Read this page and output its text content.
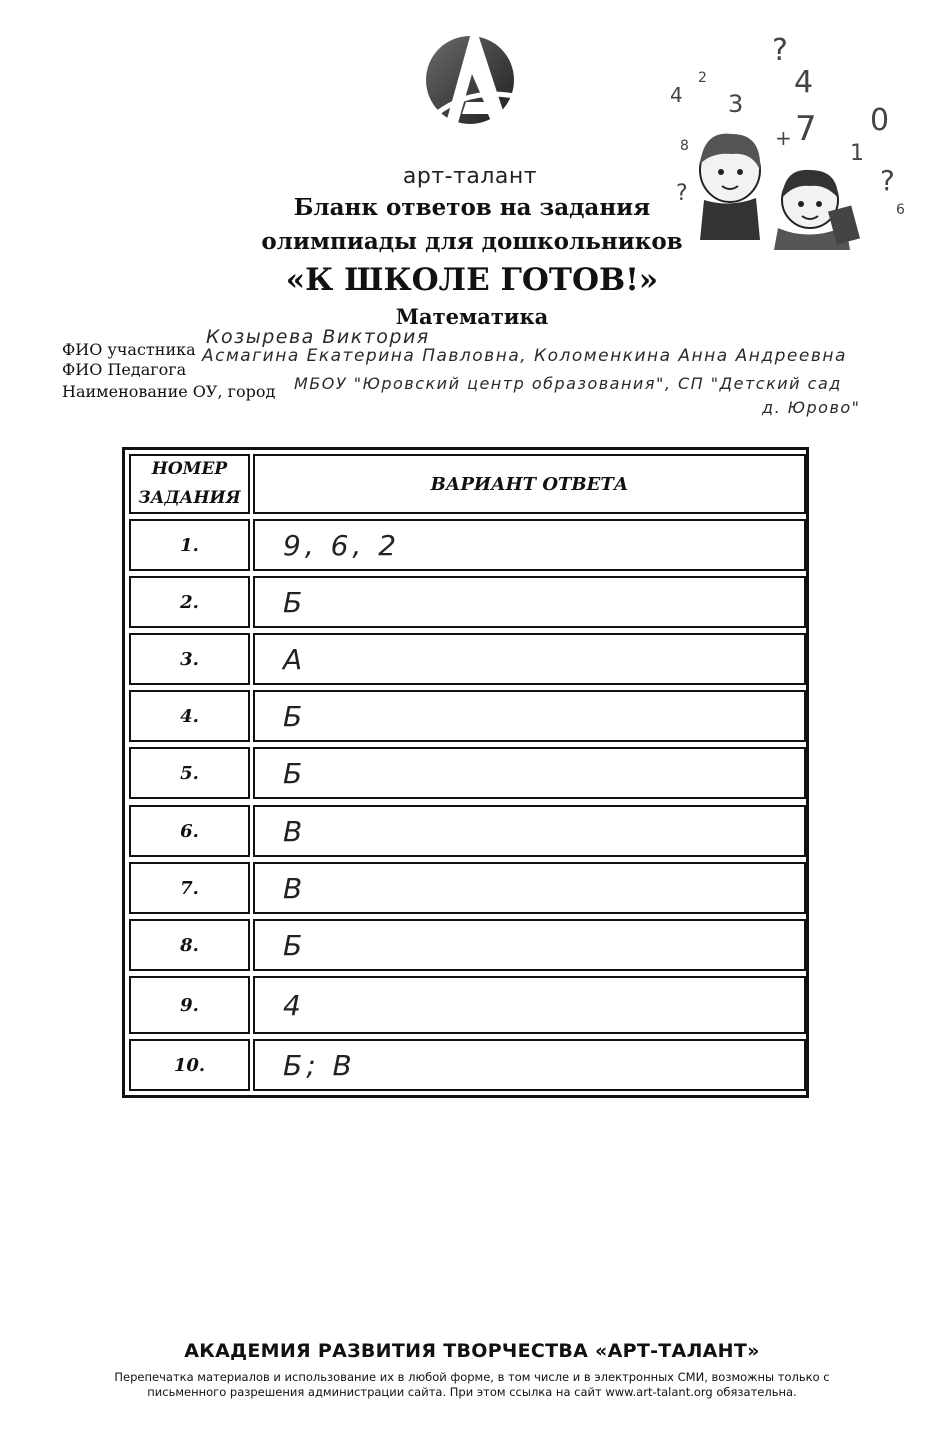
арт-талант
?
4
4
2
3
7
+	0
1
?
6
?
8
Бланк ответов на задания
олимпиады для дошкольников
«К ШКОЛЕ ГОТОВ!»
Математика
ФИО участника
Козырева Виктория
ФИО Педагога
Асмагина Екатерина Павловна, Коломенкина Анна Андреевна
Наименование ОУ, город МБОУ "Юровский центр образования", СП "Детский сад
д. Юрово"
НОМЕР
ЗАДАНИЯ
ВАРИАНТ ОТВЕТА
1.	9, 6, 2
2.	Б
3.	А
4.	Б
5.	Б
6.	В
7.	В
8.	Б
9.	4
10.	Б; В
АКАДЕМИЯ РАЗВИТИЯ ТВОРЧЕСТВА «АРТ-ТАЛАНТ»
Перепечатка материалов и использование их в любой форме, в том числе и в электронных СМИ, возможны только с
письменного разрешения администрации сайта. При этом ссылка на сайт www.art-talant.org обязательна.
